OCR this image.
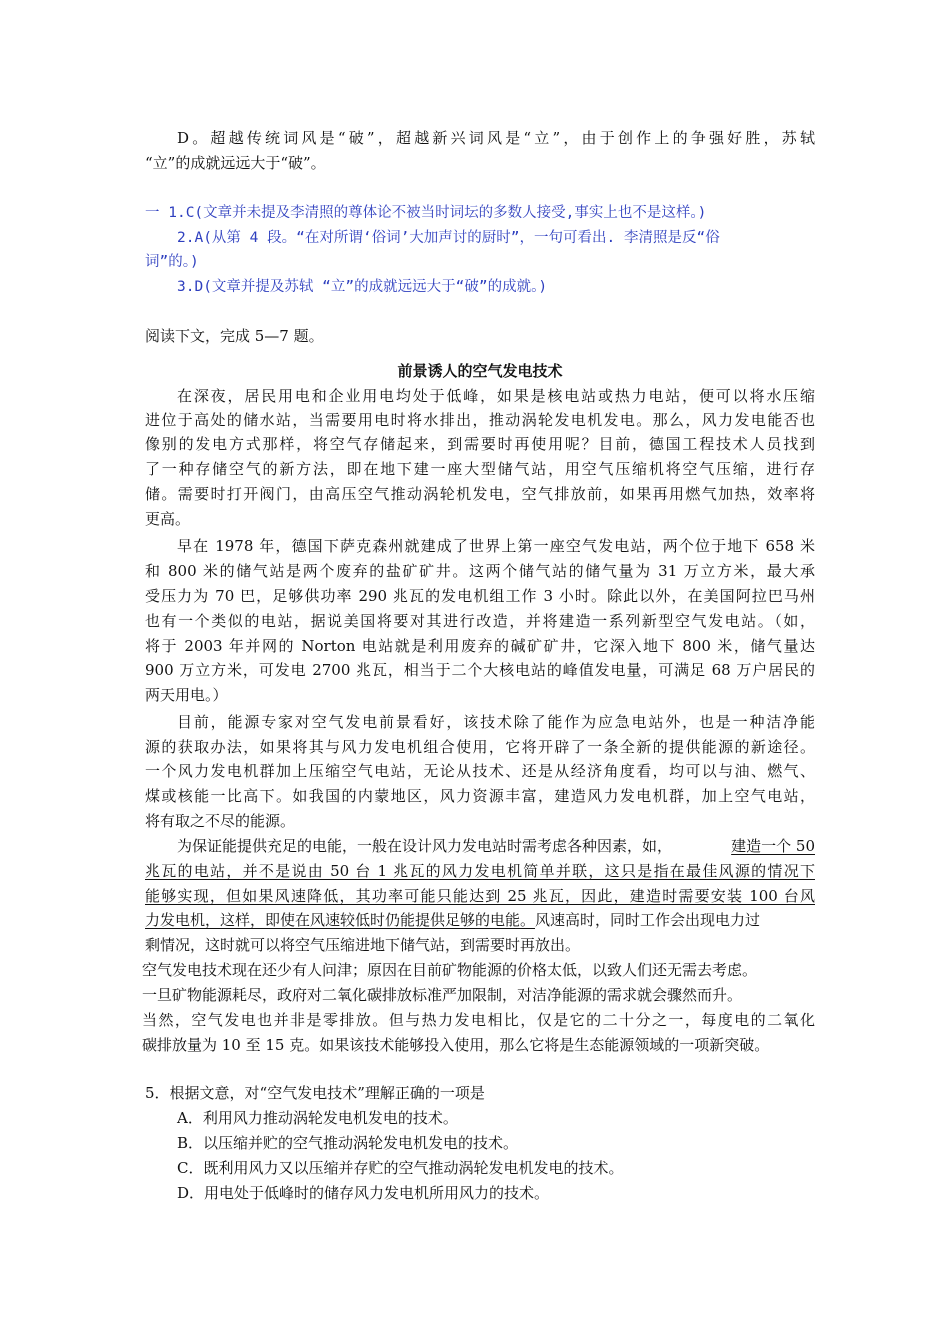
D。超越传统词风是“破”，超越新兴词风是“立”，由于创作上的争强好胜，苏轼
“立”的成就远远大于“破”。
一 1.C(文章并未提及李清照的尊体论不被当时词坛的多数人接受,事实上也不是这样。)
2.A(从第 4 段。“在对所谓‘俗词’大加声讨的厨时”，一句可看出. 李清照是反“俗
词”的。)
3.D(文章并提及苏轼 “立”的成就远远大于“破”的成就。)
阅读下文，完成 5—7 题。
前景诱人的空气发电技术
在深夜，居民用电和企业用电均处于低峰，如果是核电站或热力电站，便可以将水压缩
进位于高处的储水站，当需要用电时将水排出，推动涡轮发电机发电。那么，风力发电能否也
像别的发电方式那样，将空气存储起来，到需要时再使用呢？目前，德国工程技术人员找到
了一种存储空气的新方法，即在地下建一座大型储气站，用空气压缩机将空气压缩，进行存
储。需要时打开阀门，由高压空气推动涡轮机发电，空气排放前，如果再用燃气加热，效率将
更高。
早在 1978 年，德国下萨克森州就建成了世界上第一座空气发电站，两个位于地下 658 米
和 800 米的储气站是两个废弃的盐矿矿井。这两个储气站的储气量为 31 万立方米，最大承
受压力为 70 巴，足够供功率 290 兆瓦的发电机组工作 3 小时。除此以外，在美国阿拉巴马州
也有一个类似的电站，据说美国将要对其进行改造，并将建造一系列新型空气发电站。（如，
将于 2003 年并网的 Norton 电站就是利用废弃的碱矿矿井，它深入地下 800 米，储气量达
900 万立方米，可发电 2700 兆瓦，相当于二个大核电站的峰值发电量，可满足 68 万户居民的
两天用电。）
目前，能源专家对空气发电前景看好，该技术除了能作为应急电站外，也是一种洁净能
源的获取办法，如果将其与风力发电机组合使用，它将开辟了一条全新的提供能源的新途径。
一个风力发电机群加上压缩空气电站，无论从技术、还是从经济角度看，均可以与油、燃气、
煤或核能一比高下。如我国的内蒙地区，风力资源丰富，建造风力发电机群，加上空气电站，
将有取之不尽的能源。
为保证能提供充足的电能，一般在设计风力发电站时需考虑各种因素，如，	建造一个 50
兆瓦的电站，并不是说由 50 台 1 兆瓦的风力发电机简单并联，这只是指在最佳风源的情况下
能够实现，但如果风速降低，其功率可能只能达到 25 兆瓦，因此，建造时需要安装 100 台风
力发电机，这样，即使在风速较低时仍能提供足够的电能。风速高时，同时工作会出现电力过
剩情况，这时就可以将空气压缩进地下储气站，到需要时再放出。
空气发电技术现在还少有人问津；原因在目前矿物能源的价格太低，以致人们还无需去考虑。
一旦矿物能源耗尽，政府对二氧化碳排放标准严加限制，对洁净能源的需求就会骤然而升。
当然，空气发电也并非是零排放。但与热力发电相比，仅是它的二十分之一，每度电的二氧化
碳排放量为 10 至 15 克。如果该技术能够投入使用，那么它将是生态能源领域的一项新突破。
5．根据文意，对“空气发电技术”理解正确的一项是
A．利用风力推动涡轮发电机发电的技术。
B．以压缩并贮的空气推动涡轮发电机发电的技术。
C．既利用风力又以压缩并存贮的空气推动涡轮发电机发电的技术。
D．用电处于低峰时的储存风力发电机所用风力的技术。
